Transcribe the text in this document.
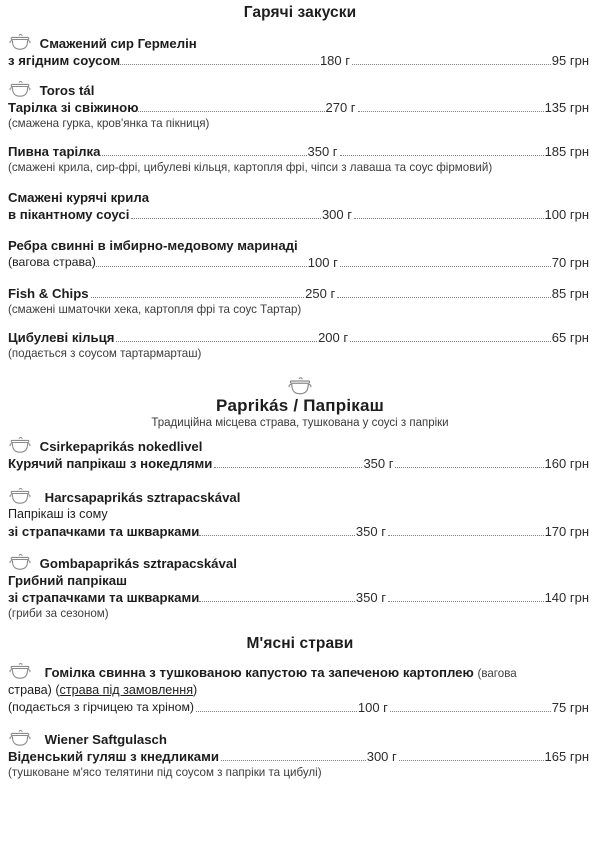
Гарячі закуски
Смажений сир Гермелін
з ягідним соусом	180 г	95 грн
Toros tál
Тарілка зі свіжиною	270 г	135 грн
(смажена гурка, кров'янка та пікниця)
Пивна тарілка	350 г	185 грн
(смажені крила, сир-фрі, цибулеві кільця, картопля фрі, чіпси з лаваша та соус фірмовий)
Смажені курячі крила
в пікантному соусі	300 г	100 грн
Ребра свинні в імбирно-медовому маринаді
(вагова страва)	100 г	70 грн
Fish & Chips	250 г	85 грн
(смажені шматочки хека, картопля фрі та соус Тартар)
Цибулеві кільця	200 г	65 грн
(подається з соусом тартармарташ)
Paprikás / Папрікаш
Традиційна місцева страва, тушкована у соусі з папріки
Csirkepaprikás nokedlivel
Курячий папрікаш з нокедлями	350 г	160 грн
Harcsapaprikás sztrapacskával
Папрікаш із сому
зі страпачками та шкварками	350 г	170 грн
Gombapaprikás sztrapacskával
Грибний папрікаш
зі страпачками та шкварками	350 г	140 грн
(гриби за сезоном)
М'ясні страви
Гомілка свинна з тушкованою капустою та запеченою картоплею (вагова
страва) (страва під замовлення)
(подається з гірчицею та хріном)	100 г	75 грн
Wiener Saftgulasch
Віденський гуляш з кнедликами	300 г	165 грн
(тушковане м'ясо телятини під соусом з папріки та цибулі)
